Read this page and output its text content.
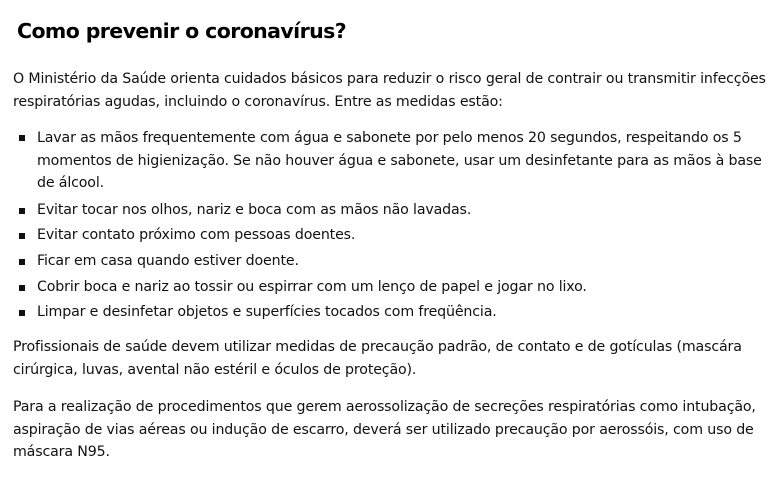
Como prevenir o coronavírus?

O Ministério da Saúde orienta cuidados básicos para reduzir o risco geral de contrair ou transmitir infecções respiratórias agudas, incluindo o coronavírus. Entre as medidas estão:

Lavar as mãos frequentemente com água e sabonete por pelo menos 20 segundos, respeitando os 5 momentos de higienização. Se não houver água e sabonete, usar um desinfetante para as mãos à base de álcool.
Evitar tocar nos olhos, nariz e boca com as mãos não lavadas.
Evitar contato próximo com pessoas doentes.
Ficar em casa quando estiver doente.
Cobrir boca e nariz ao tossir ou espirrar com um lenço de papel e jogar no lixo.
Limpar e desinfetar objetos e superfícies tocados com freqüência.

Profissionais de saúde devem utilizar medidas de precaução padrão, de contato e de gotículas (mascára cirúrgica, luvas, avental não estéril e óculos de proteção).

Para a realização de procedimentos que gerem aerossolização de secreções respiratórias como intubação, aspiração de vias aéreas ou indução de escarro, deverá ser utilizado precaução por aerossóis, com uso de máscara N95.
